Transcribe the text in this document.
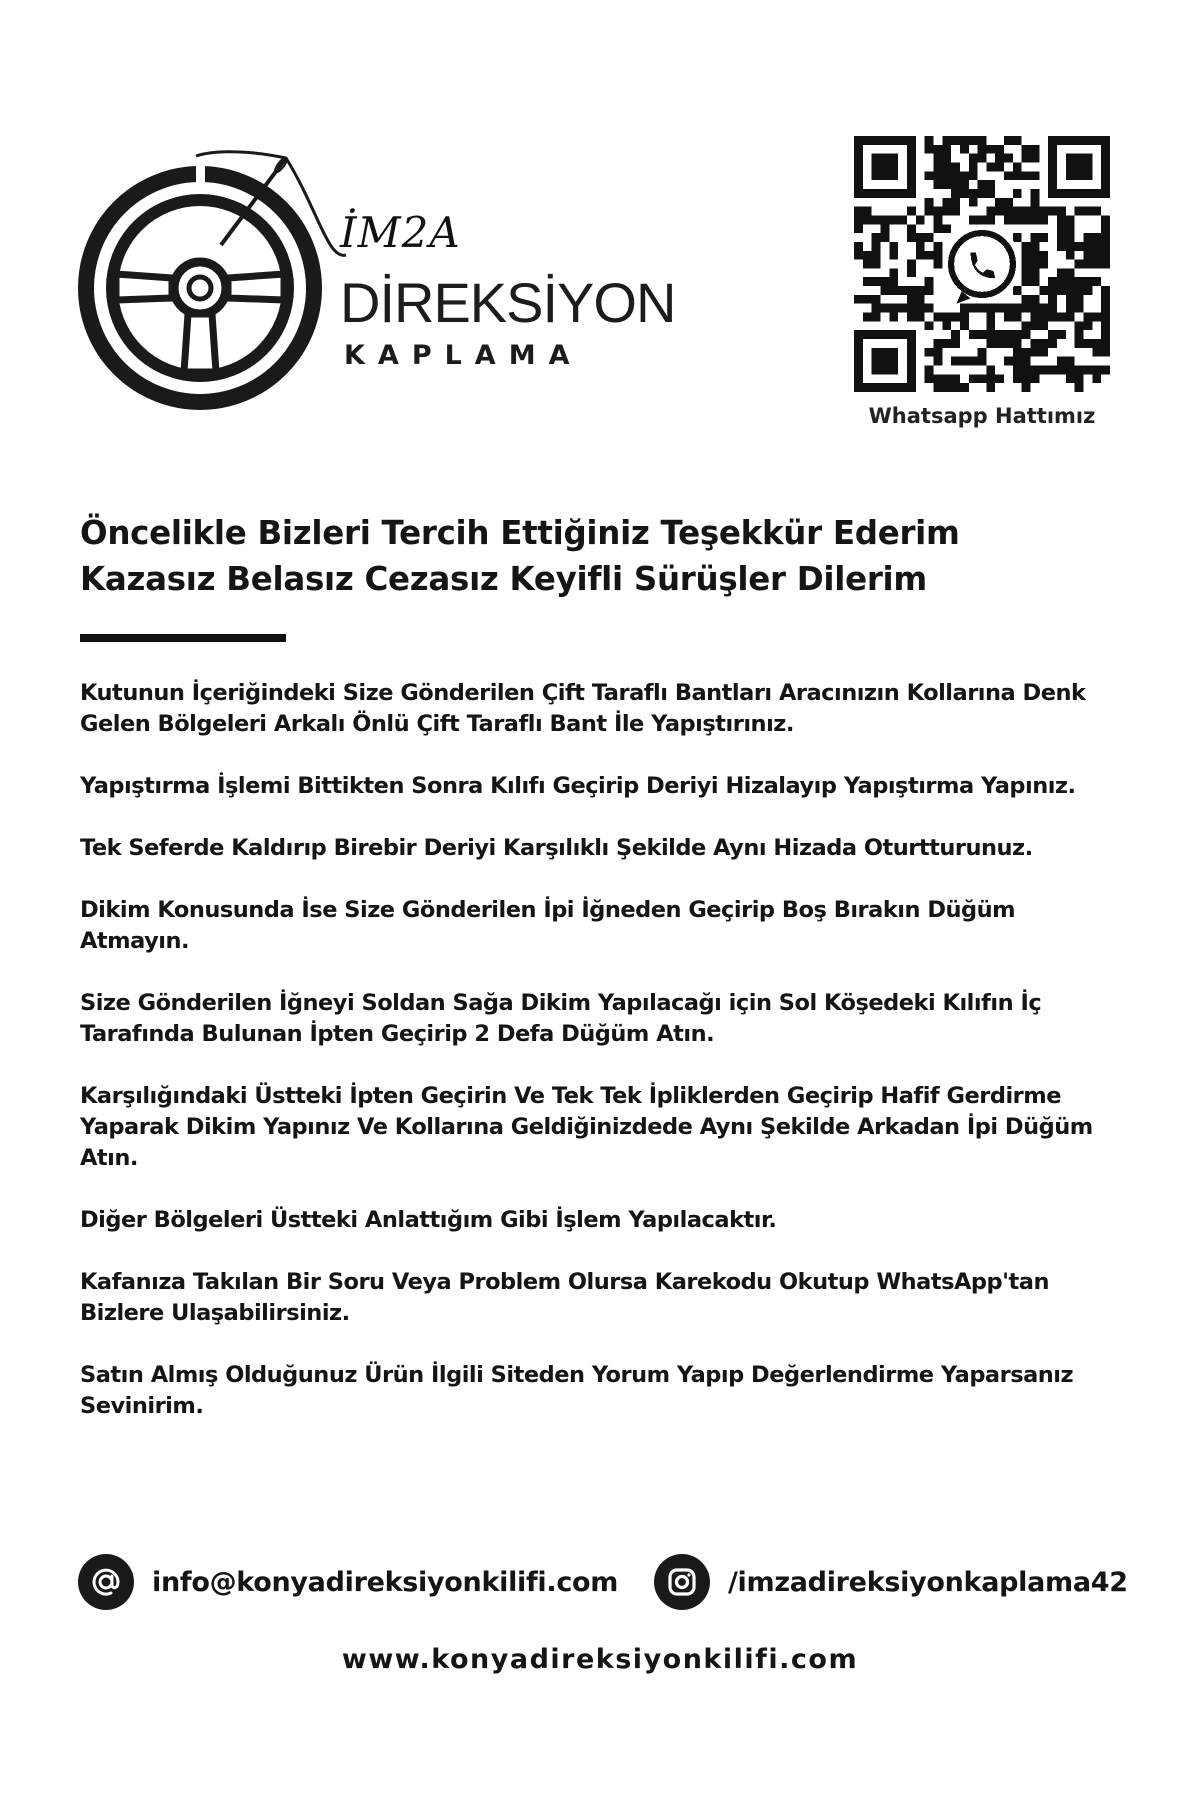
İM2A
DİREKSİYON
KAPLAMA
Whatsapp Hattımız
Öncelikle Bizleri Tercih Ettiğiniz Teşekkür Ederim
Kazasız Belasız Cezasız Keyifli Sürüşler Dilerim

Kutunun İçeriğindeki Size Gönderilen Çift Taraflı Bantları Aracınızın Kollarına Denk Gelen Bölgeleri Arkalı Önlü Çift Taraflı Bant İle Yapıştırınız.

Yapıştırma İşlemi Bittikten Sonra Kılıfı Geçirip Deriyi Hizalayıp Yapıştırma Yapınız.

Tek Seferde Kaldırıp Birebir Deriyi Karşılıklı Şekilde Aynı Hizada Oturtturunuz.

Dikim Konusunda İse Size Gönderilen İpi İğneden Geçirip Boş Bırakın Düğüm Atmayın.

Size Gönderilen İğneyi Soldan Sağa Dikim Yapılacağı için Sol Köşedeki Kılıfın İç Tarafında Bulunan İpten Geçirip 2 Defa Düğüm Atın.

Karşılığındaki Üstteki İpten Geçirin Ve Tek Tek İpliklerden Geçirip Hafif Gerdirme Yaparak Dikim Yapınız Ve Kollarına Geldiğinizdede Aynı Şekilde Arkadan İpi Düğüm Atın.

Diğer Bölgeleri Üstteki Anlattığım Gibi İşlem Yapılacaktır.

Kafanıza Takılan Bir Soru Veya Problem Olursa Karekodu Okutup WhatsApp'tan Bizlere Ulaşabilirsiniz.

Satın Almış Olduğunuz Ürün İlgili Siteden Yorum Yapıp Değerlendirme Yaparsanız Sevinirim.

info@konyadireksiyonkilifi.com	/imzadireksiyonkaplama42
www.konyadireksiyonkilifi.com
